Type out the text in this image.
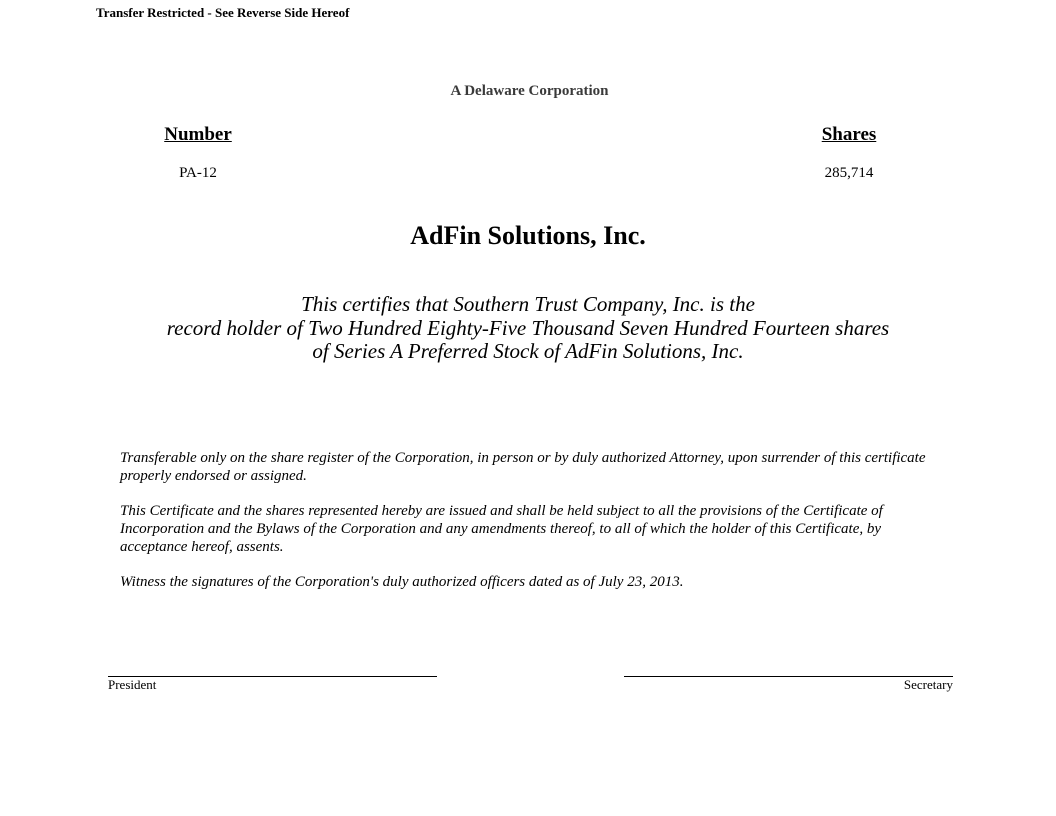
Transfer Restricted - See Reverse Side Hereof
A Delaware Corporation
Number
PA-12
Shares
285,714
AdFin Solutions, Inc.
This certifies that Southern Trust Company, Inc. is the
record holder of Two Hundred Eighty-Five Thousand Seven Hundred Fourteen shares
of Series A Preferred Stock of AdFin Solutions, Inc.

Transferable only on the share register of the Corporation, in person or by duly authorized Attorney, upon surrender of this certificate properly endorsed or assigned.

This Certificate and the shares represented hereby are issued and shall be held subject to all the provisions of the Certificate of Incorporation and the Bylaws of the Corporation and any amendments thereof, to all of which the holder of this Certificate, by acceptance hereof, assents.

Witness the signatures of the Corporation's duly authorized officers dated as of July 23, 2013.

President	Secretary
